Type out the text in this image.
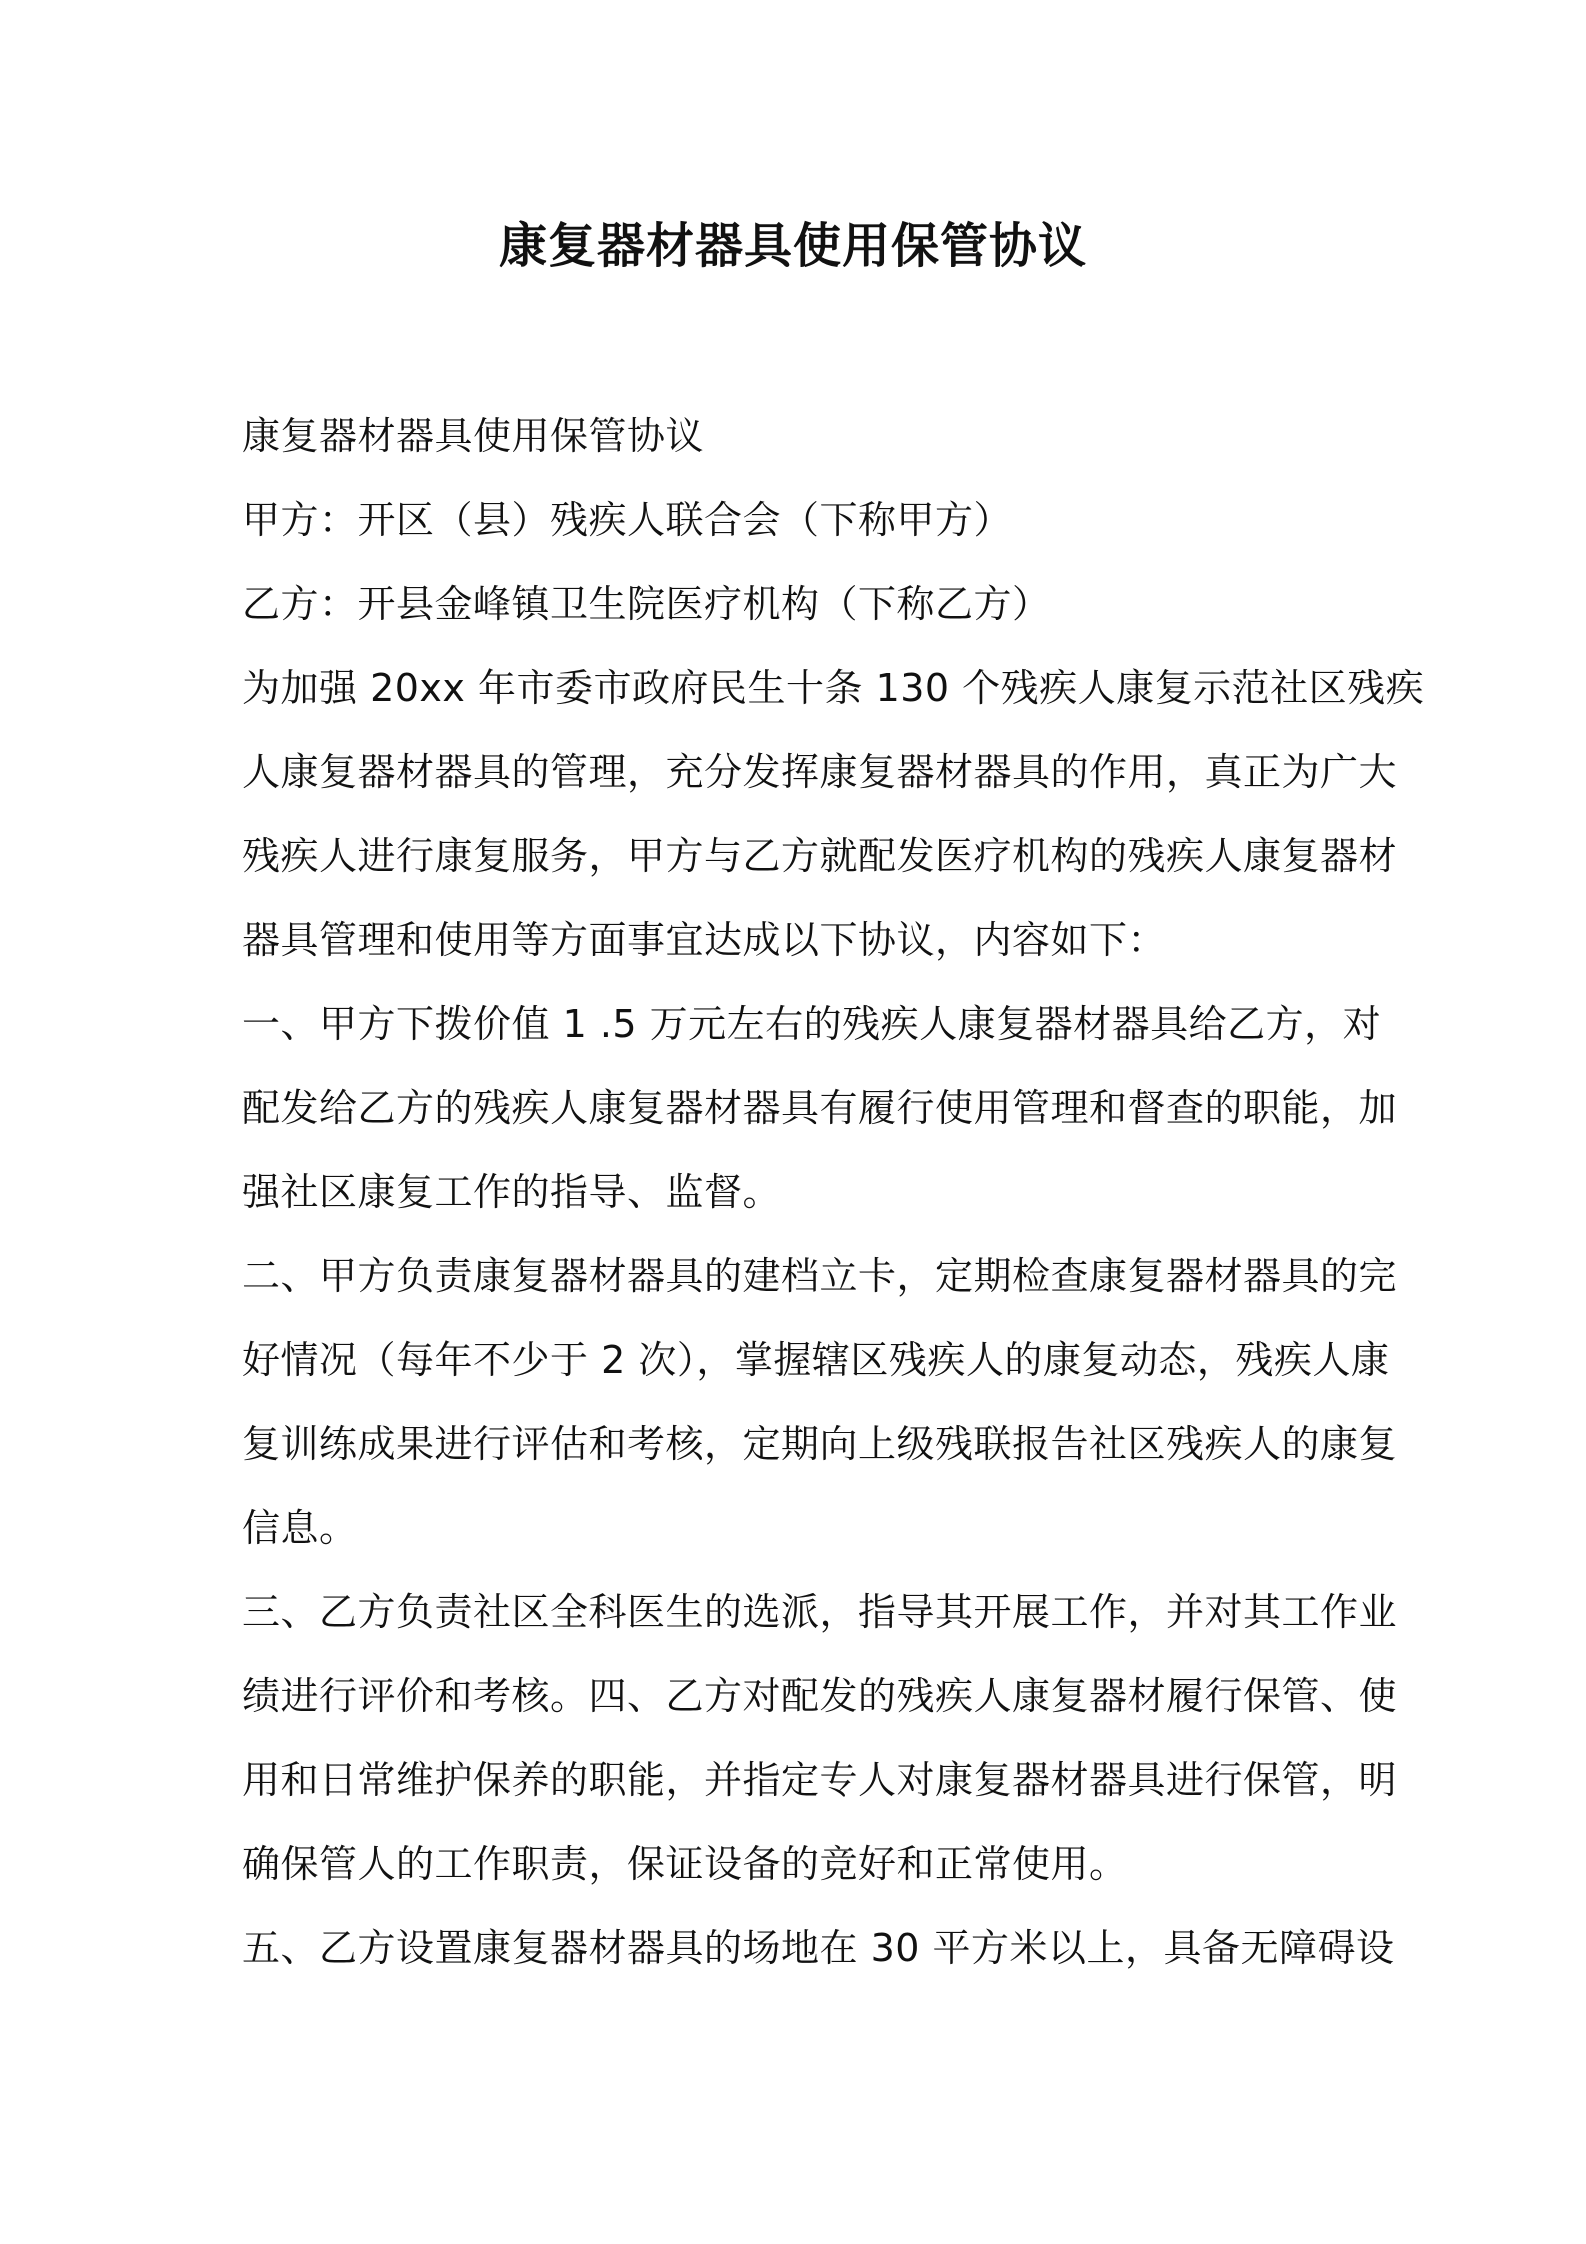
康复器材器具使用保管协议

康复器材器具使用保管协议

甲方：开区（县）残疾人联合会（下称甲方）

乙方：开县金峰镇卫生院医疗机构（下称乙方）

为加强 20xx 年市委市政府民生十条 130 个残疾人康复示范社区残疾

人康复器材器具的管理，充分发挥康复器材器具的作用，真正为广大

残疾人进行康复服务，甲方与乙方就配发医疗机构的残疾人康复器材

器具管理和使用等方面事宜达成以下协议，内容如下：

一、甲方下拨价值 1 .5 万元左右的残疾人康复器材器具给乙方，对

配发给乙方的残疾人康复器材器具有履行使用管理和督查的职能，加

强社区康复工作的指导、监督。

二、甲方负责康复器材器具的建档立卡，定期检查康复器材器具的完

好情况（每年不少于 2 次），掌握辖区残疾人的康复动态，残疾人康

复训练成果进行评估和考核，定期向上级残联报告社区残疾人的康复

信息。

三、乙方负责社区全科医生的选派，指导其开展工作，并对其工作业

绩进行评价和考核。四、乙方对配发的残疾人康复器材履行保管、使

用和日常维护保养的职能，并指定专人对康复器材器具进行保管，明

确保管人的工作职责，保证设备的竞好和正常使用。

五、乙方设置康复器材器具的场地在 30 平方米以上，具备无障碍设
